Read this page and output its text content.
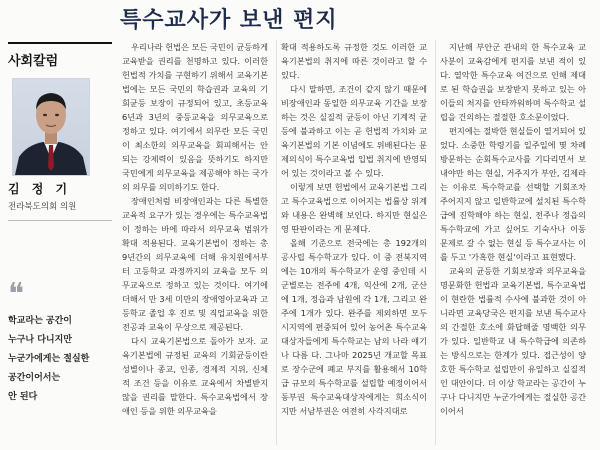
특수교사가 보낸 편지
사회칼럼
김 정 기
전라북도의회 의원
❝
학교라는 공간이
누구나 다니지만
누군가에게는 절실한
공간이어서는
안 된다

우리나라 헌법은 모든 국민이 균등하게 교육받을 권리를 천명하고 있다. 이러한 헌법적 가치를 구현하기 위해서 교육기본법에는 모든 국민의 학습권과 교육의 기회균등 보장이 규정되어 있고, 초등교육 6년과 3년의 중등교육을 의무교육으로 정하고 있다. 여기에서 의무란 모든 국민이 최소한의 의무교육을 회피해서는 안 되는 강제력이 있음을 뜻하기도 하지만 국민에게 의무교육을 제공해야 하는 국가의 의무를 의미하기도 한다.

장애인처럼 비장애인과는 다른 특별한 교육적 요구가 있는 경우에는 특수교육법이 정하는 바에 따라서 의무교육 범위가 확대 적용된다. 교육기본법이 정하는 총 9년간의 의무교육에 더해 유치원에서부터 고등학교 과정까지의 교육을 모두 의무교육으로 정하고 있는 것이다. 여기에 더해서 만 3세 미만의 장애영아교육과 고등학교 졸업 후 진로 및 직업교육을 위한 전공과 교육이 무상으로 제공된다.

다시 교육기본법으로 돌아가 보자. 교육기본법에 규정된 교육의 기회균등이란 성별이나 종교, 인종, 경제적 지위, 신체적 조건 등을 이유로 교육에서 차별받지 않을 권리를 말한다. 특수교육법에서 장애인 등을 위한 의무교육을

확대 적용하도록 규정한 것도 이러한 교육기본법의 취지에 따른 것이라고 할 수 있다.

다시 말하면, 조건이 같지 않기 때문에 비장애인과 동일한 의무교육 기간을 보장하는 것은 실질적 균등이 아닌 기계적 균등에 불과하고 이는 곧 헌법적 가치와 교육기본법의 기본 이념에도 위배된다는 문제의식이 특수교육법 입법 취지에 반영되어 있는 것이라고 볼 수 있다.

이렇게 보면 헌법에서 교육기본법 그리고 특수교육법으로 이어지는 법률상 위계와 내용은 완벽해 보인다. 하지만 현실은 영 딴판이라는 게 문제다.

올해 기준으로 전국에는 총 192개의 공사립 특수학교가 있다. 이 중 전북지역에는 10개의 특수학교가 운영 중인데 시군별로는 전주에 4개, 익산에 2개, 군산에 1개, 정읍과 남원에 각 1개, 그리고 완주에 1개가 있다. 완주를 제외하면 모두 시지역에 편중되어 있어 농어촌 특수교육대상자들에게 특수학교는 남의 나라 얘기나 다름 다. 그나마 2025년 개교할 목표로 장수군에 폐교 부지를 활용해서 10학급 규모의 특수학교를 설립할 예정이어서 동부권 특수교육대상자에게는 희소식이지만 서남부권은 여전히 사각지대로

지난해 부안군 관내의 한 특수교육 교사분이 교육감에게 편지를 보낸 적이 있다. 열악한 특수교육 여건으로 인해 제대로 된 학습권을 보장받지 못하고 있는 아이들의 처지를 안타까워하며 특수학교 설립을 건의하는 절절한 호소문이었다.

편지에는 절박한 현실들이 열거되어 있었다. 소중한 학령기를 일주일에 몇 차례 방문하는 순회특수교사를 기다리면서 보내야만 하는 현실, 거주지가 부안, 김제라는 이유로 특수학교를 선택할 기회조차 주어지지 않고 일반학교에 설치된 특수학급에 진학해야 하는 현실, 전주나 정읍의 특수학교에 가고 싶어도 기숙사나 이동 문제로 갈 수 없는 현실 등 특수교사는 이를 두고 '가혹한 현실'이라고 표현했다.

교육의 균등한 기회보장과 의무교육을 명문화한 헌법과 교육기본법, 특수교육법이 현란한 법률적 수사에 불과한 것이 아니라면 교육당국은 편지를 보낸 특수교사의 간절한 호소에 화답해줄 명백한 의무가 있다. 일반학교 내 특수학급에 의존하는 방식으로는 한계가 있다. 접근성이 양호한 특수학교 설립만이 유일하고 실질적인 대안이다. 더 이상 학교라는 공간이 누구나 다니지만 누군가에게는 절실한 공간이어서
